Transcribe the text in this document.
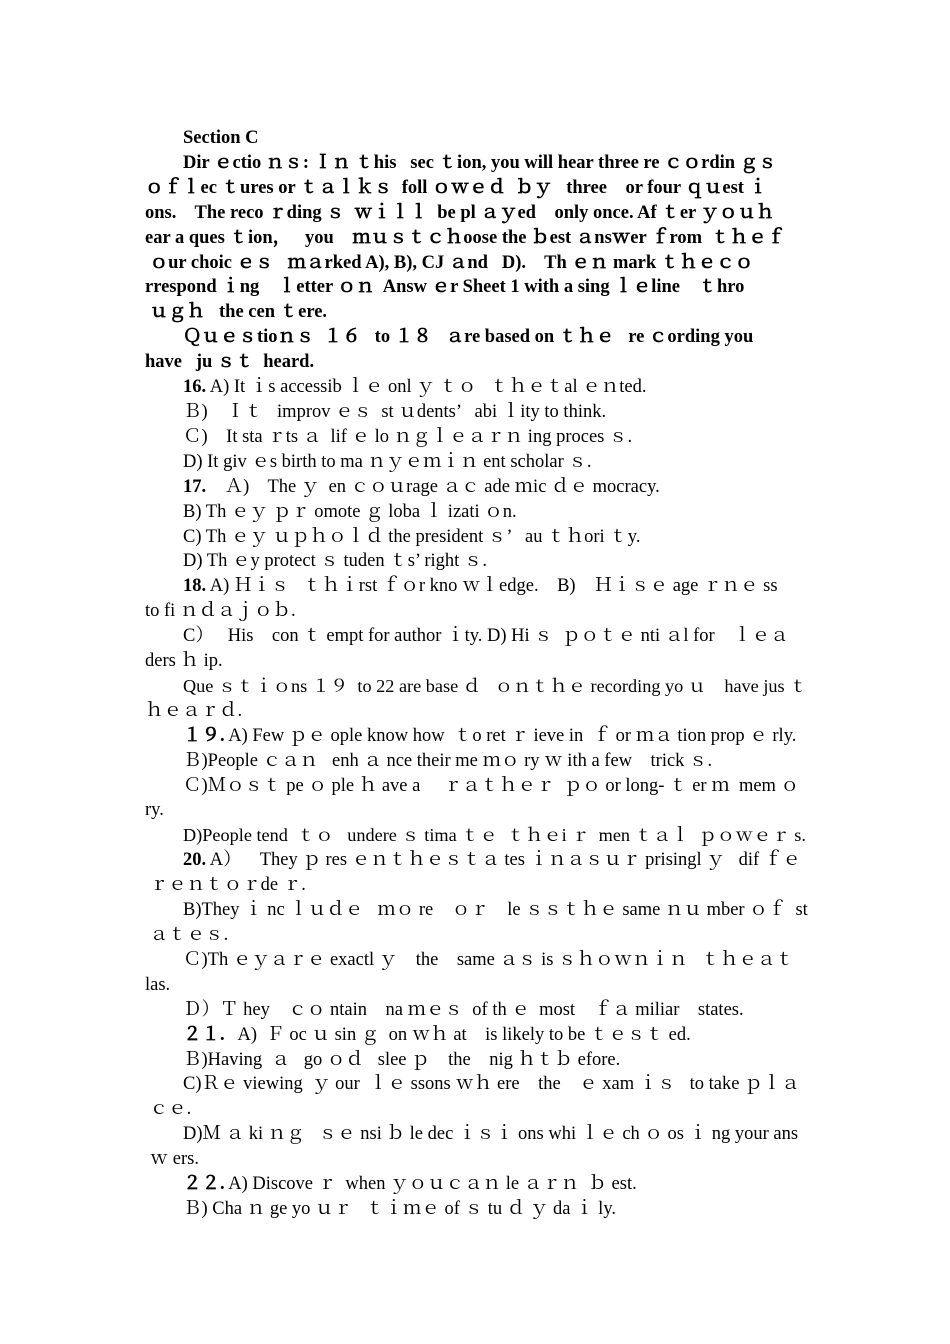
Section C

Dir ｅctio ｎｓ: Ｉｎ ｔhis   sec ｔion, you will hear three re ｃｏrdin ｇｓ

ｏｆｌec ｔures or ｔａｌｋｓ  foll ｏｗｅｄ  ｂｙ   three    or four ｑｕest ｉ

ons.    The reco ｒding ｓ  ｗｉｌｌ  be pl ａｙed    only once. Af ｔer ｙｏｕｈ

ear a ques ｔion，   you    ｍｕｓｔｃｈoose the ｂest ａnsｗer ｆrom  ｔｈｅｆ

ｏur choic ｅｓ   ｍａrked A), B), CJ ａnd   D).    Th ｅｎ mark ｔｈｅｃｏ

rrespond ｉng    ｌetter ｏｎ  Answ ｅr Sheet 1 with a sing ｌｅline    ｔhro

ｕｇｈ   the cen ｔere.

Ｑｕｅｓtioｎｓ  １６   to １８   ａre based on ｔｈｅ   re ｃording you

have   ju ｓｔ  heard.

16. A) It ｉs accessib ｌｅ onl ｙ ｔｏ   ｔｈｅｔal ｅｎted.

Ｂ)    Ｉｔ   improv ｅｓ  st ｕdents’   abi ｌity to think.

Ｃ)    It sta ｒts ａ  lif ｅ lo ｎｇｌｅａｒｎ ing proces ｓ.

D) It giv ｅs birth to ma ｎｙｅｍｉｎ ent scholar ｓ.

17.    Ａ)    The ｙ  en ｃｏｕrage ａｃ ade ｍic ｄｅ mocracy.

B) Th ｅｙ ｐｒ omote ｇ loba ｌ izati ｏn.

C) Th ｅｙ ｕｐｈｏｌｄ the president ｓ’   au ｔｈori ｔy.

D) Th ｅy protect ｓ tuden ｔs’ right ｓ.

18. A) Ｈｉｓ   ｔｈｉrst ｆｏr kno ｗｌedge.    B)    Ｈｉｓｅ age ｒｎｅ ss

to fi ｎｄａｊｏｂ.

C）   His    con ｔ empt for author ｉty. D) Hi ｓ  ｐｏｔｅ nti ａl for    ｌｅａ

ders ｈ ip.

Que ｓｔｉｏns １９  to 22 are base ｄ   ｏｎｔｈｅ recording yo ｕ    have jus ｔ

ｈｅａｒｄ.

１９. A) Few ｐｅ ople know how  ｔo ret ｒ ieve in  ｆ or ｍａ tion prop ｅ rly.

Ｂ)People ｃａｎ   enh ａ nce their me ｍｏ ry ｗ ith a few    trick ｓ.

Ｃ)Ｍｏｓｔ pe ｏ ple ｈ ave a     ｒａｔｈｅｒ  ｐｏ or long- ｔ er ｍ  mem ｏ

ry.

D)People tend  ｔｏ   undere ｓ tima ｔｅ  ｔｈｅi ｒ  men ｔａｌ  ｐｏｗｅｒ s.

20. A）    They ｐ res ｅｎｔｈｅｓｔａ tes ｉｎａｓｕｒ prisingl ｙ   dif ｆｅ

ｒｅｎｔｏｒde ｒ.

B)They ｉ nc ｌｕｄｅ   ｍｏ re    ｏｒ    le ｓｓｔｈｅ same ｎｕ mber ｏｆ  st

ａｔｅｓ.

Ｃ)Th ｅｙａｒｅ exactl ｙ    the    same ａｓ is ｓｈｏｗｎｉｎ   ｔｈｅａｔ

las.

Ｄ）Ｔ hey    ｃｏ ntain    na ｍｅｓ  of th ｅ  most    ｆａ miliar    states.

２１.   A)  Ｆ oc ｕ sin ｇ  on ｗｈ at    is likely to be ｔｅｓｔ ed.

Ｂ)Having  ａ   go ｏｄ   slee ｐ    the    nig ｈｔｂ efore.

C)Ｒｅ viewing  ｙ our  ｌｅ ssons ｗｈ ere    the    ｅ xam ｉｓ   to take ｐｌａ

ｃｅ.

D)Ｍ ａ ki ｎｇ   ｓｅ nsi ｂ le dec ｉｓｉ ons whi ｌｅ ch ｏ os ｉ ng your ans

ｗ ers.

２２. A) Discove ｒ  when ｙｏｕｃａｎ le ａｒｎ  ｂ est.

Ｂ) Cha ｎ ge yo ｕｒ   ｔｉｍｅ of ｓ tu ｄ ｙ da ｉ ly.
